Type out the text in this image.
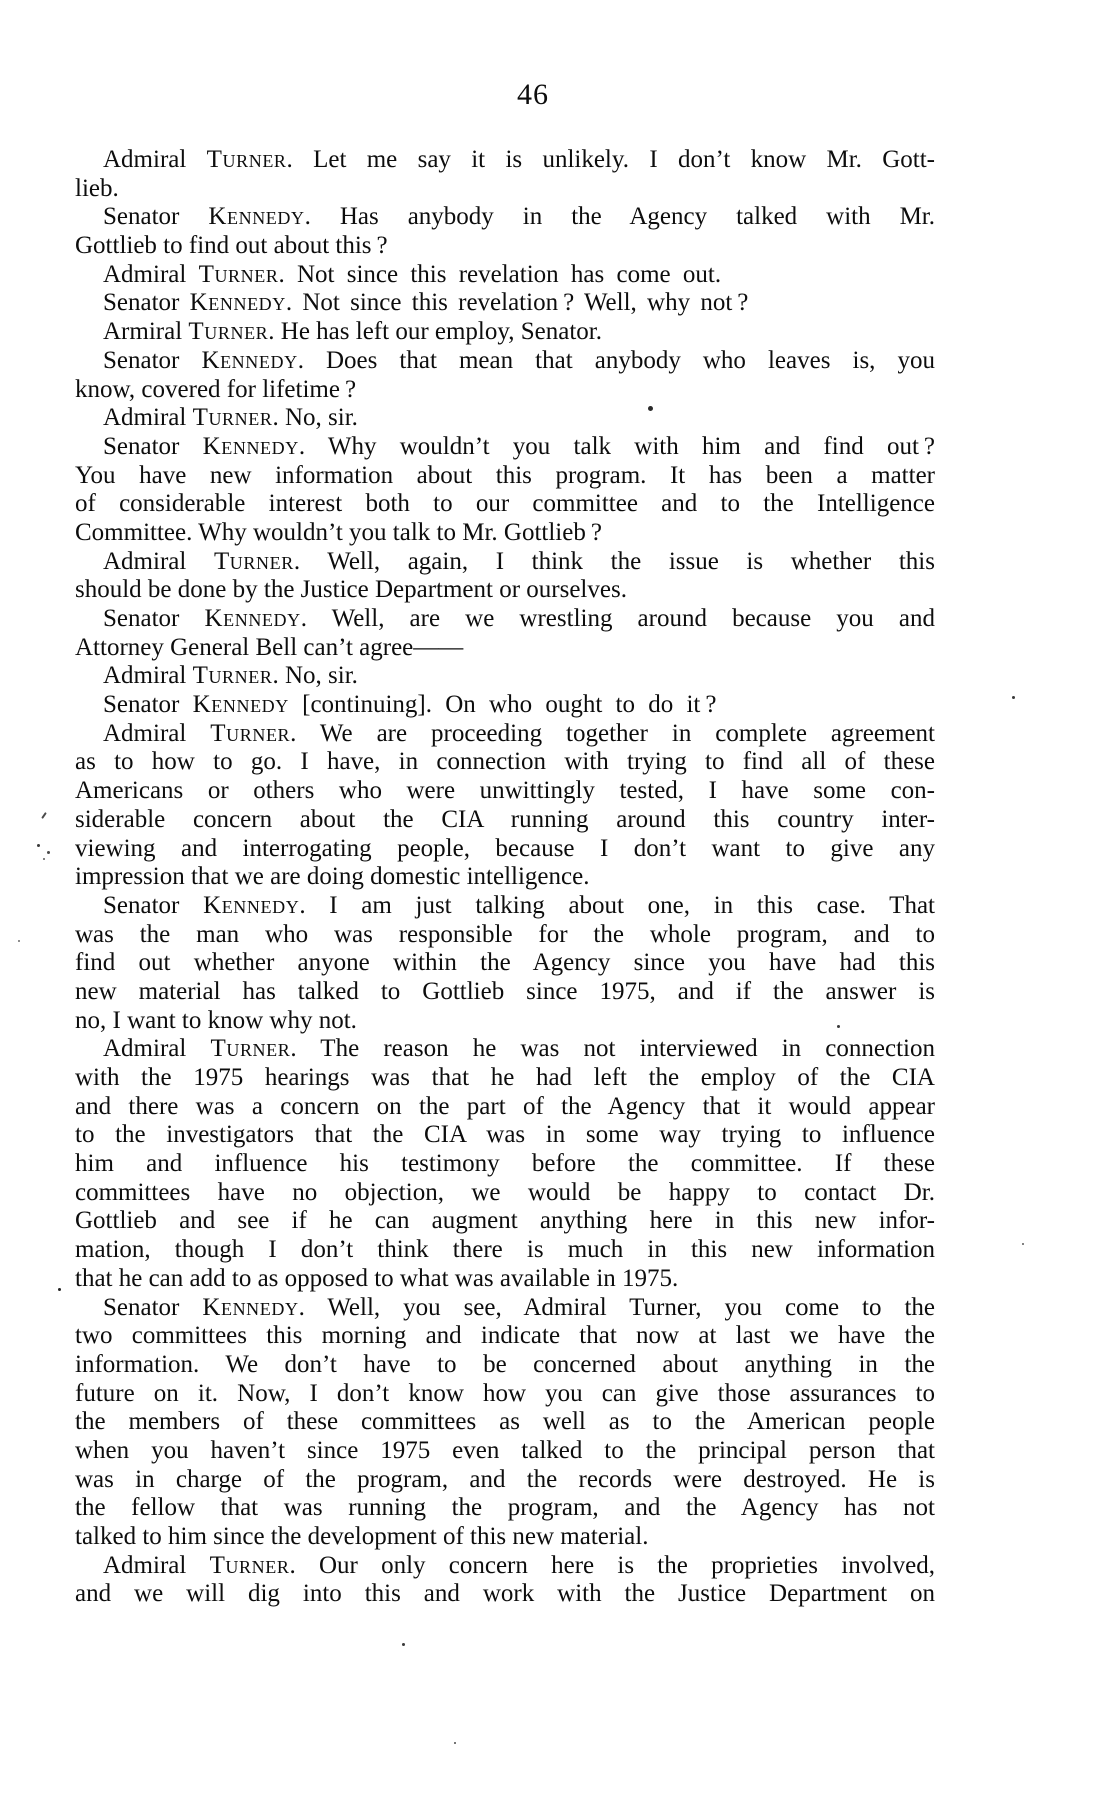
46

Admiral Turner. Let me say it is unlikely. I don’t know Mr. Gott-
lieb.

Senator Kennedy. Has anybody in the Agency talked with Mr.
Gottlieb to find out about this ?

Admiral Turner. Not since this revelation has come out.

Senator Kennedy. Not since this revelation ? Well, why not ?

Armiral Turner. He has left our employ, Senator.

Senator Kennedy. Does that mean that anybody who leaves is, you
know, covered for lifetime ?

Admiral Turner. No, sir.

Senator Kennedy. Why wouldn’t you talk with him and find out ?
You have new information about this program. It has been a matter
of considerable interest both to our committee and to the Intelligence
Committee. Why wouldn’t you talk to Mr. Gottlieb ?

Admiral Turner. Well, again, I think the issue is whether this
should be done by the Justice Department or ourselves.

Senator Kennedy. Well, are we wrestling around because you and
Attorney General Bell can’t agree——

Admiral Turner. No, sir.

Senator Kennedy [continuing]. On who ought to do it ?

Admiral Turner. We are proceeding together in complete agreement
as to how to go. I have, in connection with trying to find all of these
Americans or others who were unwittingly tested, I have some con-
siderable concern about the CIA running around this country inter-
viewing and interrogating people, because I don’t want to give any
impression that we are doing domestic intelligence.

Senator Kennedy. I am just talking about one, in this case. That
was the man who was responsible for the whole program, and to
find out whether anyone within the Agency since you have had this
new material has talked to Gottlieb since 1975, and if the answer is
no, I want to know why not.

Admiral Turner. The reason he was not interviewed in connection
with the 1975 hearings was that he had left the employ of the CIA
and there was a concern on the part of the Agency that it would appear
to the investigators that the CIA was in some way trying to influence
him and influence his testimony before the committee. If these
committees have no objection, we would be happy to contact Dr.
Gottlieb and see if he can augment anything here in this new infor-
mation, though I don’t think there is much in this new information
that he can add to as opposed to what was available in 1975.

Senator Kennedy. Well, you see, Admiral Turner, you come to the
two committees this morning and indicate that now at last we have the
information. We don’t have to be concerned about anything in the
future on it. Now, I don’t know how you can give those assurances to
the members of these committees as well as to the American people
when you haven’t since 1975 even talked to the principal person that
was in charge of the program, and the records were destroyed. He is
the fellow that was running the program, and the Agency has not
talked to him since the development of this new material.

Admiral Turner. Our only concern here is the proprieties involved,
and we will dig into this and work with the Justice Department on
